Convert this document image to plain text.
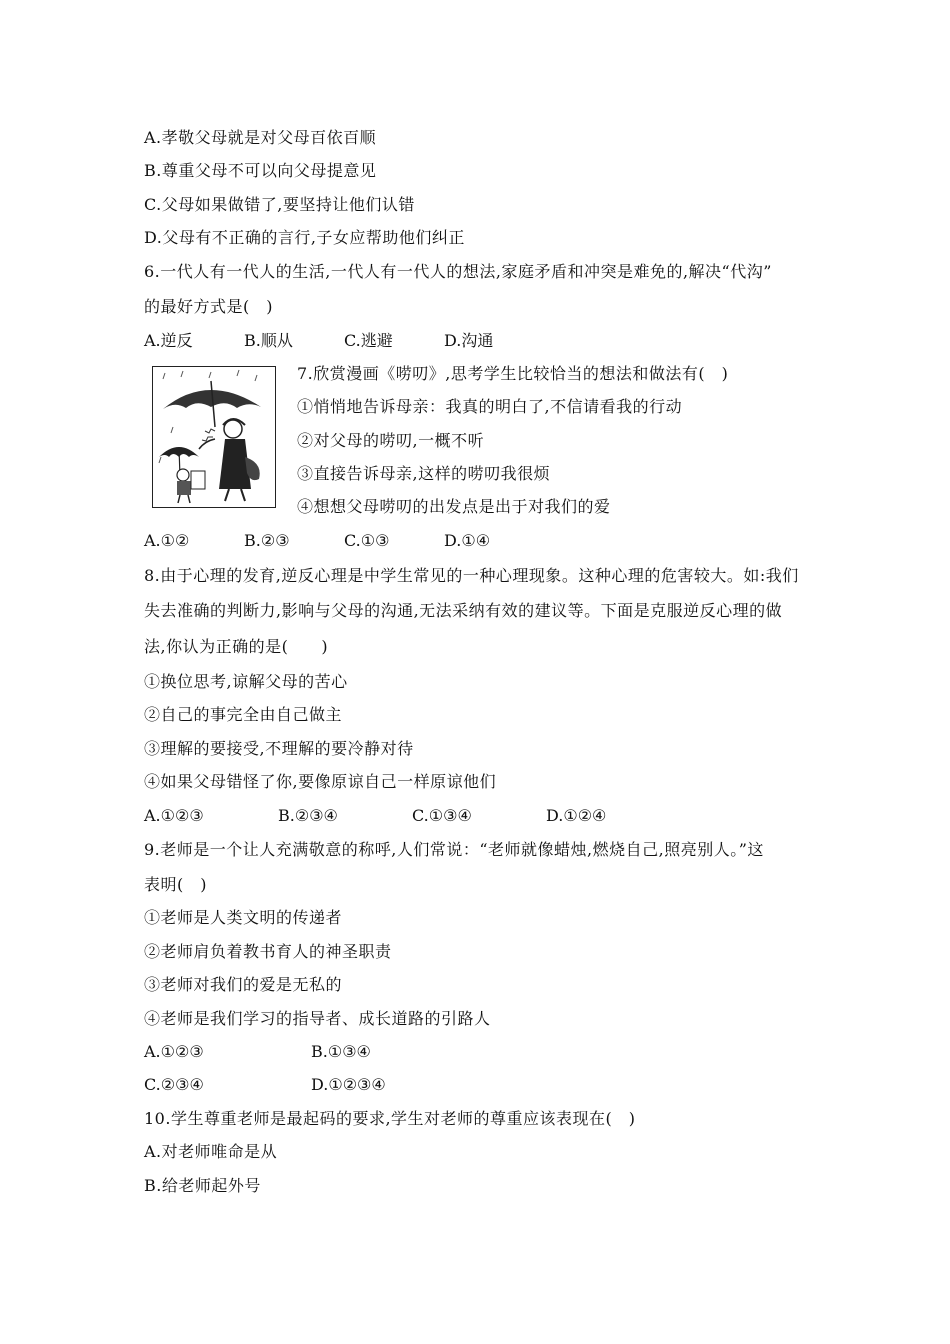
A.孝敬父母就是对父母百依百顺
B.尊重父母不可以向父母提意见
C.父母如果做错了,要坚持让他们认错
D.父母有不正确的言行,子女应帮助他们纠正
6.一代人有一代人的生活,一代人有一代人的想法,家庭矛盾和冲突是难免的,解决“代沟”
的最好方式是(　)
A.逆反	B.顺从	C.逃避	D.沟通
7.欣赏漫画《唠叨》,思考学生比较恰当的想法和做法有(　)
①悄悄地告诉母亲：我真的明白了,不信请看我的行动
②对父母的唠叨,一概不听
③直接告诉母亲,这样的唠叨我很烦
④想想父母唠叨的出发点是出于对我们的爱
A.①②	B.②③	C.①③	D.①④
8.由于心理的发育,逆反心理是中学生常见的一种心理现象。这种心理的危害较大。如:我们
失去准确的判断力,影响与父母的沟通,无法采纳有效的建议等。下面是克服逆反心理的做
法,你认为正确的是(　　)
①换位思考,谅解父母的苦心
②自己的事完全由自己做主
③理解的要接受,不理解的要冷静对待
④如果父母错怪了你,要像原谅自己一样原谅他们
A.①②③	B.②③④	C.①③④	D.①②④
9.老师是一个让人充满敬意的称呼,人们常说：“老师就像蜡烛,燃烧自己,照亮别人。”这
表明(　)
①老师是人类文明的传递者
②老师肩负着教书育人的神圣职责
③老师对我们的爱是无私的
④老师是我们学习的指导者、成长道路的引路人
A.①②③	B.①③④
C.②③④	D.①②③④
10.学生尊重老师是最起码的要求,学生对老师的尊重应该表现在(　)
A.对老师唯命是从
B.给老师起外号
